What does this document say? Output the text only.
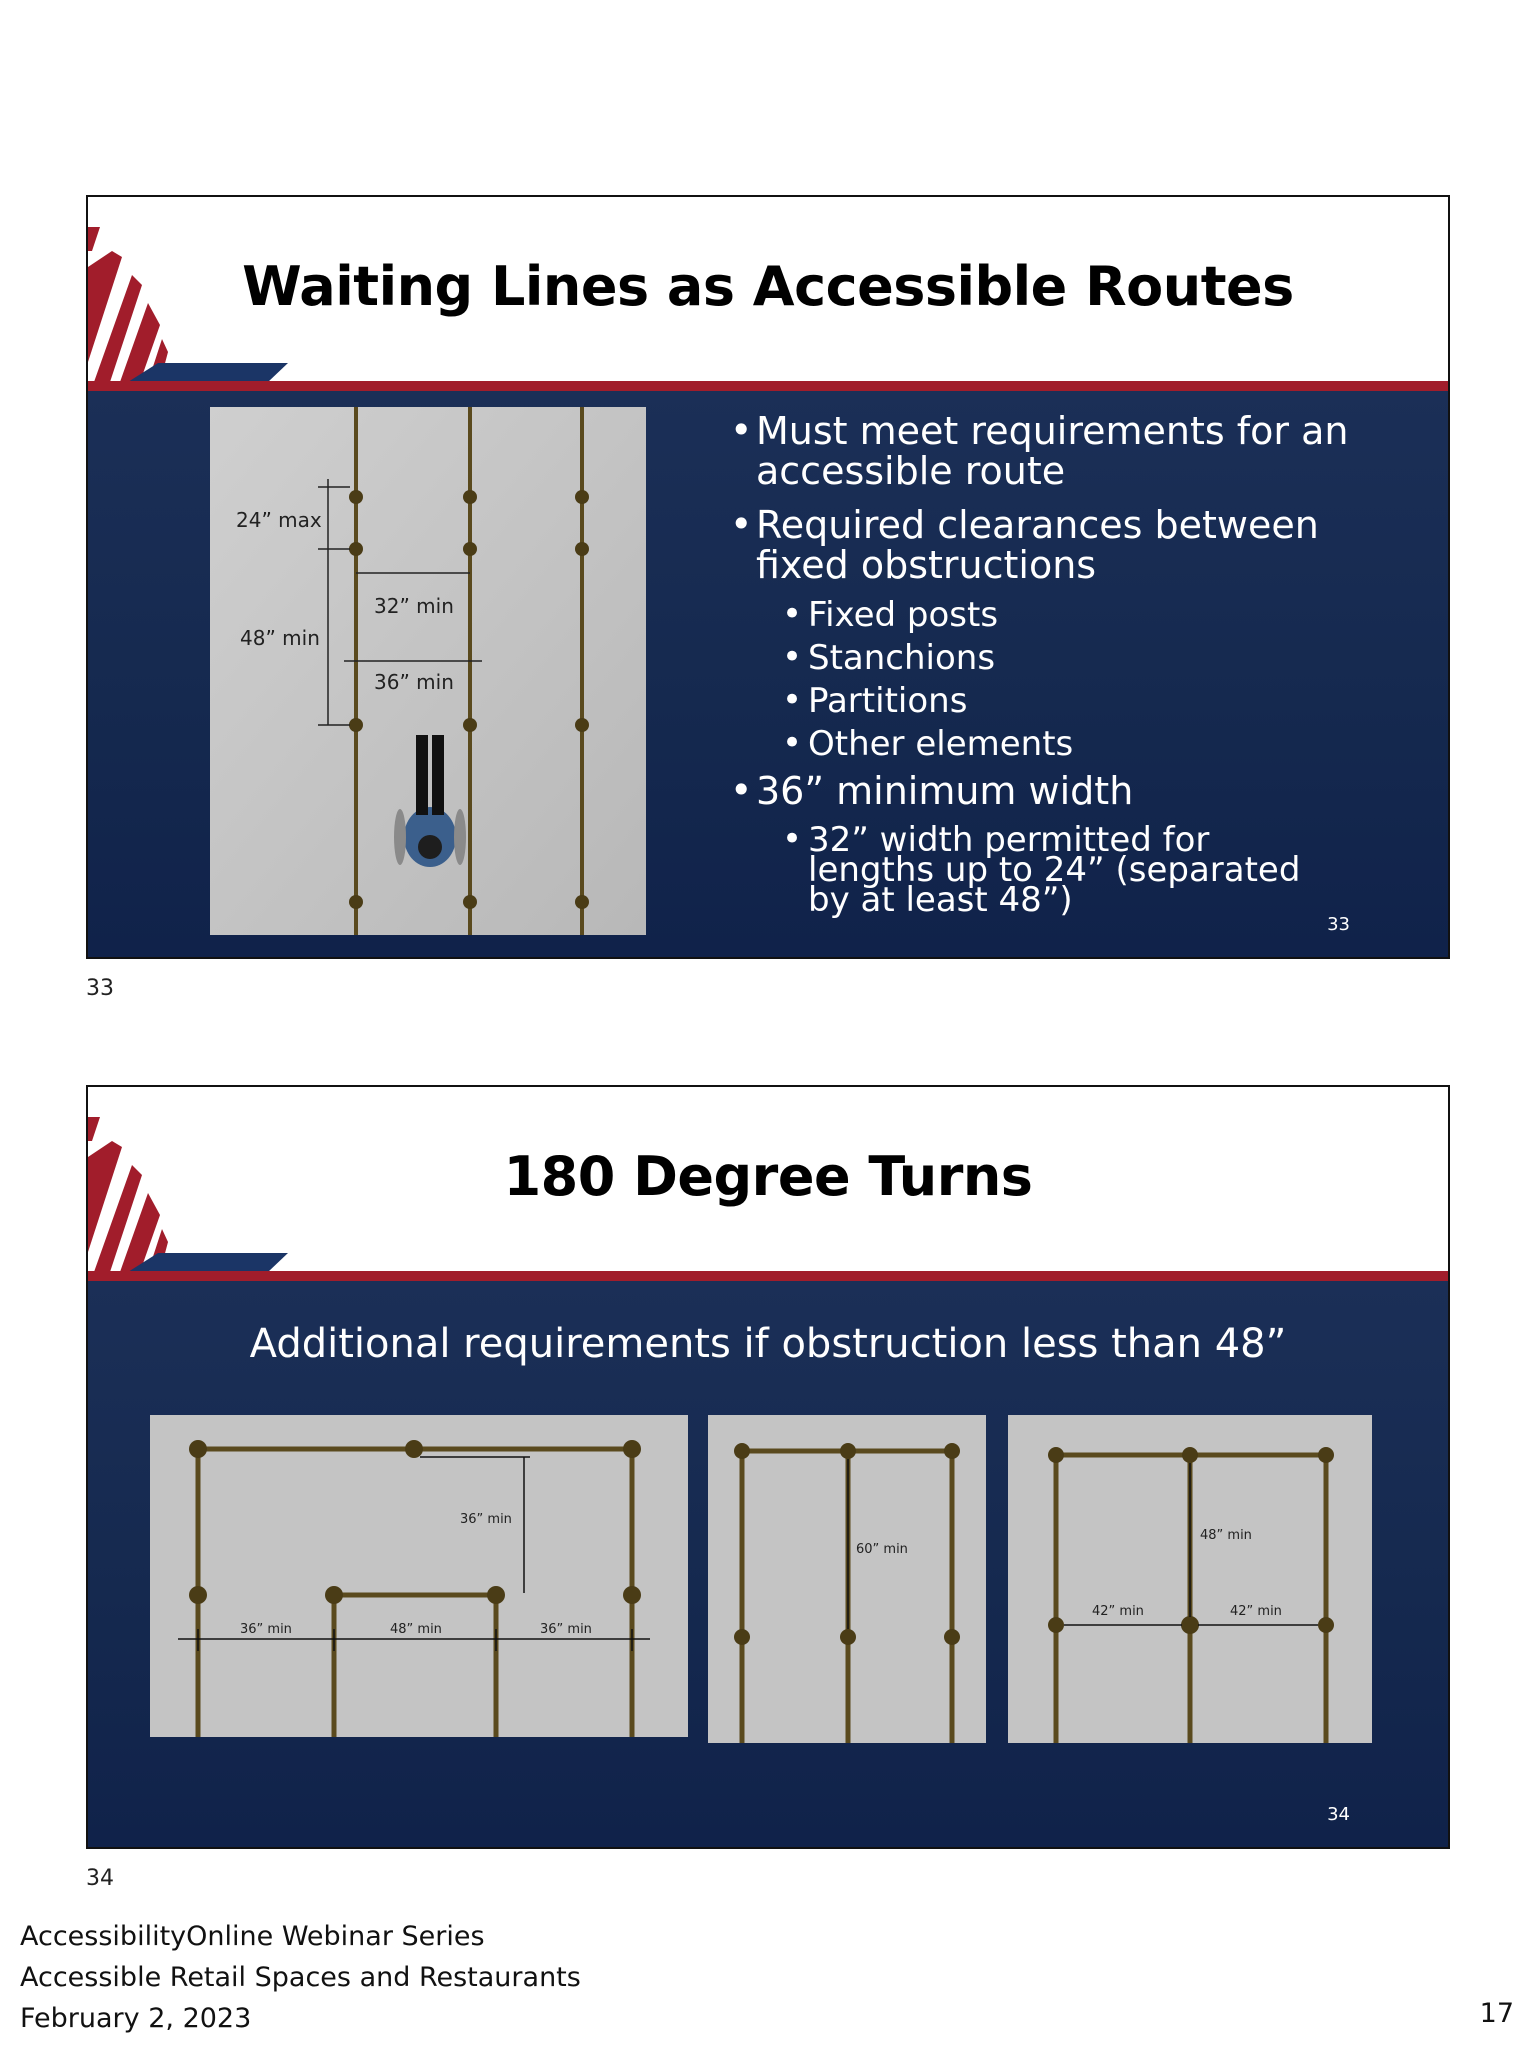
Waiting Lines as Accessible Routes
24” max
48” min
32” min
36” min
• Must meet requirements for an accessible route
• Required clearances between fixed obstructions
• Fixed posts
• Stanchions
• Partitions
• Other elements
• 36” minimum width
• 32” width permitted for lengths up to 24” (separated by at least 48”)
33
33
180 Degree Turns
Additional requirements if obstruction less than 48”
36” min
36” min	48” min	36” min
60” min
48” min
42” min	42” min
34
34
AccessibilityOnline Webinar Series
Accessible Retail Spaces and Restaurants
February 2, 2023	17
